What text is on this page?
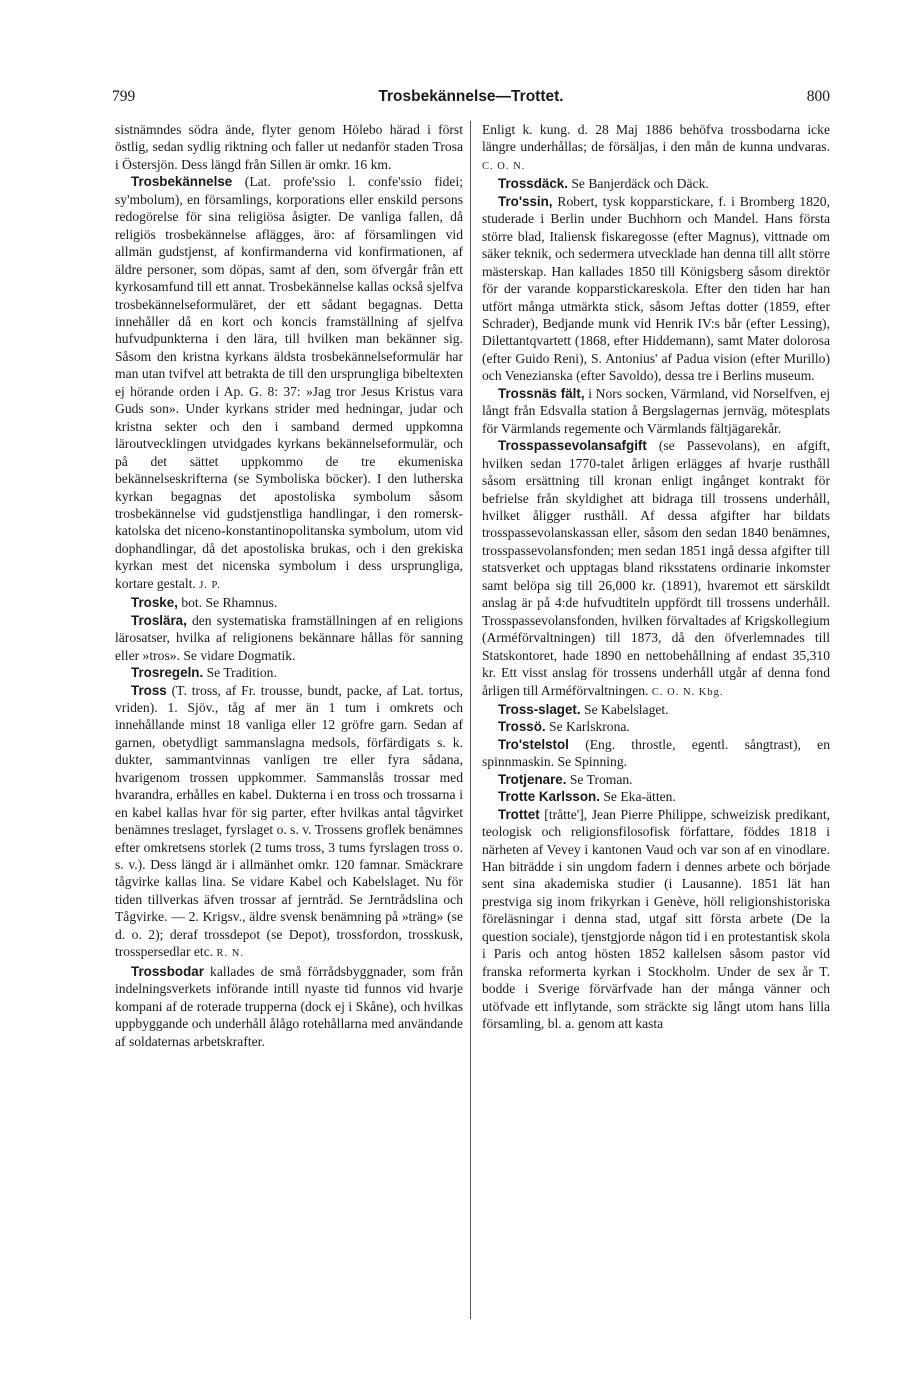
799	Trosbekännelse—Trottet.	800

sistnämndes södra ände, flyter genom Hölebo härad i först östlig, sedan sydlig riktning och faller ut nedanför staden Trosa i Östersjön. Dess längd från Sillen är omkr. 16 km.

Trosbekännelse (Lat. profe'ssio l. confe'ssio fidei; sy'mbolum), en församlings, korporations eller enskild persons redogörelse för sina religiösa åsigter. De vanliga fallen, då religiös trosbekännelse aflägges, äro: af församlingen vid allmän gudstjenst, af konfirmanderna vid konfirmationen, af äldre personer, som döpas, samt af den, som öfvergår från ett kyrkosamfund till ett annat. Trosbekännelse kallas också sjelfva trosbekännelseformuläret, der ett sådant begagnas. Detta innehåller då en kort och koncis framställning af sjelfva hufvudpunkterna i den lära, till hvilken man bekänner sig. Såsom den kristna kyrkans äldsta trosbekännelseformulär har man utan tvifvel att betrakta de till den ursprungliga bibeltexten ej hörande orden i Ap. G. 8: 37: »Jag tror Jesus Kristus vara Guds son». Under kyrkans strider med hedningar, judar och kristna sekter och den i samband dermed uppkomna läroutvecklingen utvidgades kyrkans bekännelseformulär, och på det sättet uppkommo de tre ekumeniska bekännelseskrifterna (se Symboliska böcker). I den lutherska kyrkan begagnas det apostoliska symbolum såsom trosbekännelse vid gudstjenstliga handlingar, i den romersk-katolska det niceno-konstantinopolitanska symbolum, utom vid dophandlingar, då det apostoliska brukas, och i den grekiska kyrkan mest det nicenska symbolum i dess ursprungliga, kortare gestalt. J. P.

Troske, bot. Se Rhamnus.

Troslära, den systematiska framställningen af en religions lärosatser, hvilka af religionens bekännare hållas för sanning eller »tros». Se vidare Dogmatik.

Trosregeln. Se Tradition.

Tross (T. tross, af Fr. trousse, bundt, packe, af Lat. tortus, vriden). 1. Sjöv., tåg af mer än 1 tum i omkrets och innehållande minst 18 vanliga eller 12 gröfre garn. Sedan af garnen, obetydligt sammanslagna medsols, förfärdigats s. k. dukter, sammantvinnas vanligen tre eller fyra sådana, hvarigenom trossen uppkommer. Sammanslås trossar med hvarandra, erhålles en kabel. Dukterna i en tross och trossarna i en kabel kallas hvar för sig parter, efter hvilkas antal tågvirket benämnes treslaget, fyrslaget o. s. v. Trossens groflek benämnes efter omkretsens storlek (2 tums tross, 3 tums fyrslagen tross o. s. v.). Dess längd är i allmänhet omkr. 120 famnar. Smäckrare tågvirke kallas lina. Se vidare Kabel och Kabelslaget. Nu för tiden tillverkas äfven trossar af jerntråd. Se Jerntrådslina och Tågvirke. — 2. Krigsv., äldre svensk benämning på »träng» (se d. o. 2); deraf trossdepot (se Depot), trossfordon, trosskusk, trosspersedlar etc. R. N.

Trossbodar kallades de små förrådsbyggnader, som från indelningsverkets införande intill nyaste tid funnos vid hvarje kompani af de roterade trupperna (dock ej i Skåne), och hvilkas uppbyggande och underhåll ålågo rotehållarna med användande af soldaternas arbetskrafter.

Enligt k. kung. d. 28 Maj 1886 behöfva trossbodarna icke längre underhållas; de försäljas, i den mån de kunna undvaras. C. O. N.

Trossdäck. Se Banjerdäck och Däck.

Tro'ssin, Robert, tysk kopparstickare, f. i Bromberg 1820, studerade i Berlin under Buchhorn och Mandel. Hans första större blad, Italiensk fiskaregosse (efter Magnus), vittnade om säker teknik, och sedermera utvecklade han denna till allt större mästerskap. Han kallades 1850 till Königsberg såsom direktör för der varande kopparstickareskola. Efter den tiden har han utfört många utmärkta stick, såsom Jeftas dotter (1859, efter Schrader), Bedjande munk vid Henrik IV:s bår (efter Lessing), Dilettantqvartett (1868, efter Hiddemann), samt Mater dolorosa (efter Guido Reni), S. Antonius' af Padua vision (efter Murillo) och Venezianska (efter Savoldo), dessa tre i Berlins museum.

Trossnäs fält, i Nors socken, Värmland, vid Norselfven, ej långt från Edsvalla station å Bergslagernas jernväg, mötesplats för Värmlands regemente och Värmlands fältjägarekår.

Trosspassevolansafgift (se Passevolans), en afgift, hvilken sedan 1770-talet årligen erlägges af hvarje rusthåll såsom ersättning till kronan enligt ingånget kontrakt för befrielse från skyldighet att bidraga till trossens underhåll, hvilket åligger rusthåll. Af dessa afgifter har bildats trosspassevolanskassan eller, såsom den sedan 1840 benämnes, trosspassevolansfonden; men sedan 1851 ingå dessa afgifter till statsverket och upptagas bland riksstatens ordinarie inkomster samt belöpa sig till 26,000 kr. (1891), hvaremot ett särskildt anslag är på 4:de hufvudtiteln uppfördt till trossens underhåll. Trosspassevolansfonden, hvilken förvaltades af Krigskollegium (Arméförvaltningen) till 1873, då den öfverlemnades till Statskontoret, hade 1890 en nettobehållning af endast 35,310 kr. Ett visst anslag för trossens underhåll utgår af denna fond årligen till Arméförvaltningen. C. O. N. Kbg.

Tross-slaget. Se Kabelslaget.

Trossö. Se Karlskrona.

Tro'stelstol (Eng. throstle, egentl. sångtrast), en spinnmaskin. Se Spinning.

Trotjenare. Se Troman.

Trotte Karlsson. Se Eka-ätten.

Trottet [tråtte'], Jean Pierre Philippe, schweizisk predikant, teologisk och religionsfilosofisk författare, föddes 1818 i närheten af Vevey i kantonen Vaud och var son af en vinodlare. Han biträdde i sin ungdom fadern i dennes arbete och började sent sina akademiska studier (i Lausanne). 1851 lät han prestviga sig inom frikyrkan i Genève, höll religionshistoriska föreläsningar i denna stad, utgaf sitt första arbete (De la question sociale), tjenstgjorde någon tid i en protestantisk skola i Paris och antog hösten 1852 kallelsen såsom pastor vid franska reformerta kyrkan i Stockholm. Under de sex år T. bodde i Sverige förvärfvade han der många vänner och utöfvade ett inflytande, som sträckte sig långt utom hans lilla församling, bl. a. genom att kasta
